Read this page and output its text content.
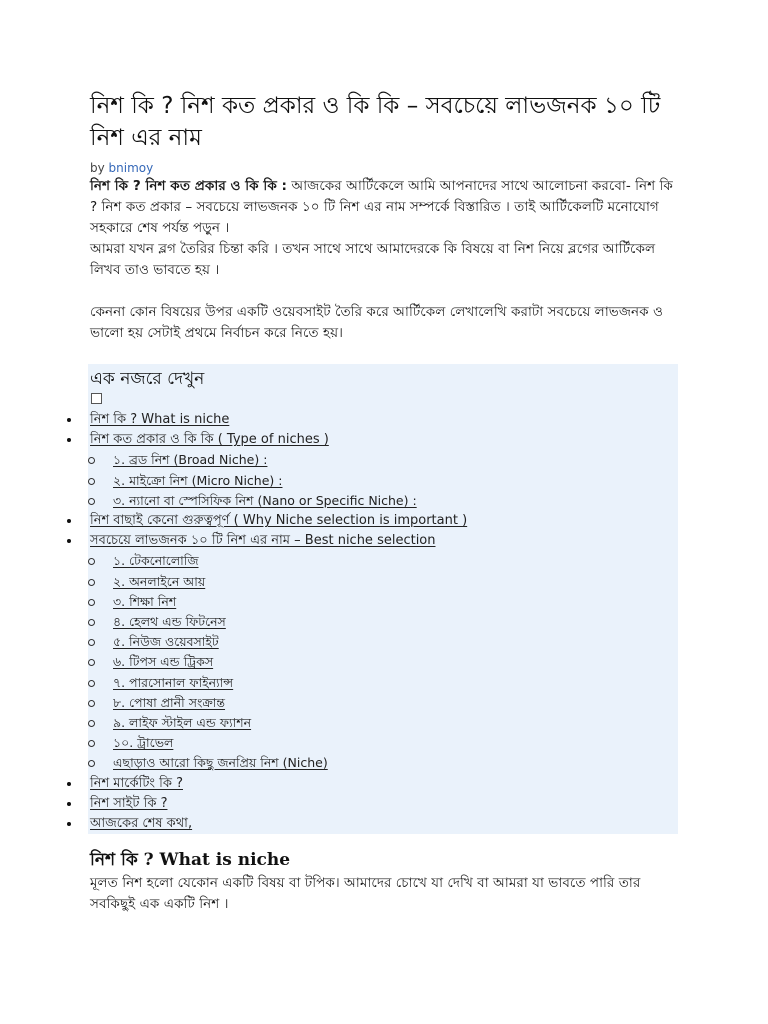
নিশ কি ? নিশ কত প্রকার ও কি কি – সবচেয়ে লাভজনক ১০ টি নিশ এর নাম
by bnimoy

নিশ কি ? নিশ কত প্রকার ও কি কি : আজকের আর্টিকেলে আমি আপনাদের সাথে আলোচনা করবো- নিশ কি ? নিশ কত প্রকার – সবচেয়ে লাভজনক ১০ টি নিশ এর নাম সম্পর্কে বিস্তারিত । তাই আর্টিকেলটি মনোযোগ সহকারে শেষ পর্যন্ত পড়ুন ।

আমরা যখন ব্লগ তৈরির চিন্তা করি । তখন সাথে সাথে আমাদেরকে কি বিষয়ে বা নিশ নিয়ে ব্লগের আর্টিকেল লিখব তাও ভাবতে হয় ।

কেননা কোন বিষয়ের উপর একটি ওয়েবসাইট তৈরি করে আর্টিকেল লেখালেখি করাটা সবচেয়ে লাভজনক ও ভালো হয় সেটাই প্রথমে নির্বাচন করে নিতে হয়।

এক নজরে দেখুন
নিশ কি ? What is niche
নিশ কত প্রকার ও কি কি ( Type of niches )
১. ব্রড নিশ (Broad Niche) :
২. মাইক্রো নিশ (Micro Niche) :
৩. ন্যানো বা স্পেসিফিক নিশ (Nano or Specific Niche) :
নিশ বাছাই কেনো গুরুত্বপূর্ণ ( Why Niche selection is important )
সবচেয়ে লাভজনক ১০ টি নিশ এর নাম – Best niche selection
১. টেকনোলোজি
২. অনলাইনে আয়
৩. শিক্ষা নিশ
৪. হেলথ এন্ড ফিটনেস
৫. নিউজ ওয়েবসাইট
৬. টিপস এন্ড ট্রিকস
৭. পারসোনাল ফাইন্যান্স
৮. পোষা প্রানী সংক্রান্ত
৯. লাইফ স্টাইল এন্ড ফ্যাশন
১০. ট্রাভেল
এছাড়াও আরো কিছু জনপ্রিয় নিশ (Niche)
নিশ মার্কেটিং কি ?
নিশ সাইট কি ?
আজকের শেষ কথা,
নিশ কি ? What is niche

মূলত নিশ হলো যেকোন একটি বিষয় বা টপিক। আমাদের চোখে যা দেখি বা আমরা যা ভাবতে পারি তার সবকিছুই এক একটি নিশ ।
